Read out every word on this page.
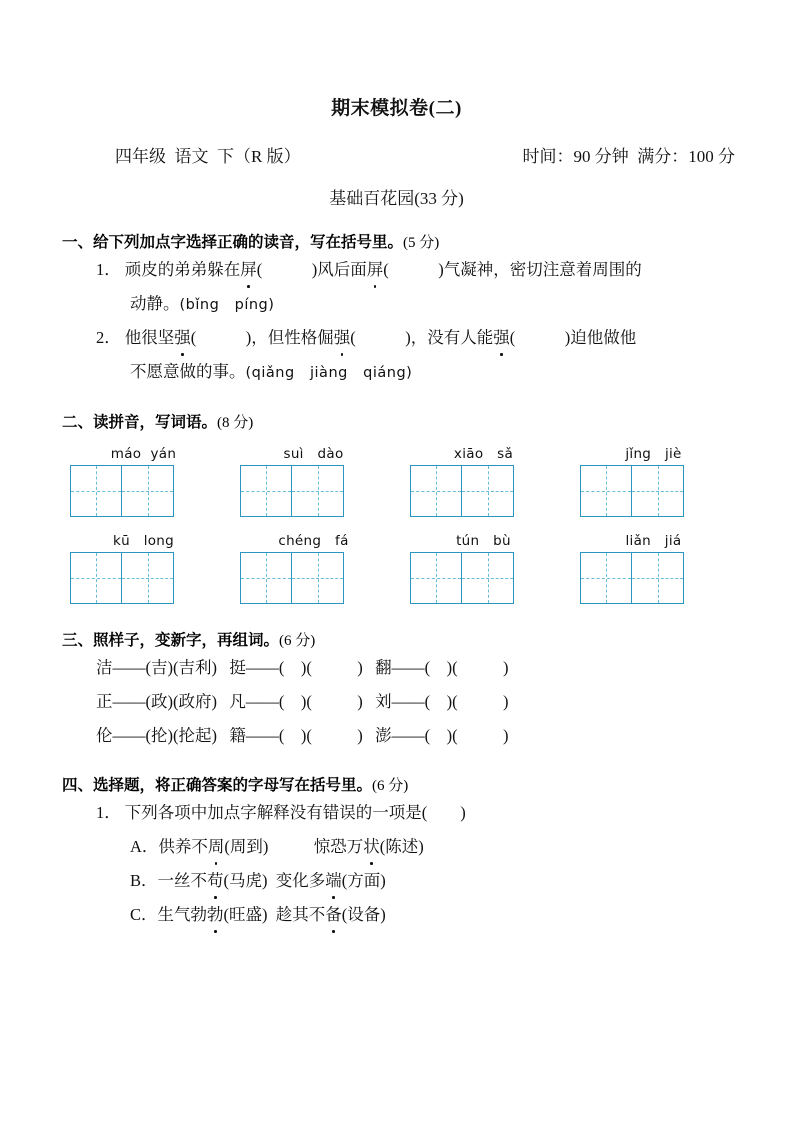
期末模拟卷(二)
四年级  语文  下（R 版）	时间：90 分钟  满分：100 分
基础百花园(33 分)
一、给下列加点字选择正确的读音，写在括号里。(5 分)
1． 顽皮的弟弟躲在屏(            )风后面屏(            )气凝神，密切注意着周围的
动静。(bǐng   píng)
2． 他很坚强(            )，但性格倔强(            )，没有人能强(            )迫他做他
不愿意做的事。(qiǎng   jiàng   qiáng)
二、读拼音，写词语。(8 分)
máo  yán	suì   dào	xiāo   sǎ	jǐng   jiè
kū   long	chéng   fá	tún   bù	liǎn   jiá
三、照样子，变新字，再组词。(6 分)
洁——(吉)(吉利)   挺——(    )(           )   翻——(    )(           )
正——(政)(政府)   凡——(    )(           )   刘——(    )(           )
伦——(抡)(抡起)   籍——(    )(           )   澎——(    )(           )
四、选择题，将正确答案的字母写在括号里。(6 分)
1． 下列各项中加点字解释没有错误的一项是(        )
A．供养不周(周到)	惊恐万状(陈述)
B．一丝不苟(马虎) 变化多端(方面)
C．生气勃勃(旺盛) 趁其不备(设备)
